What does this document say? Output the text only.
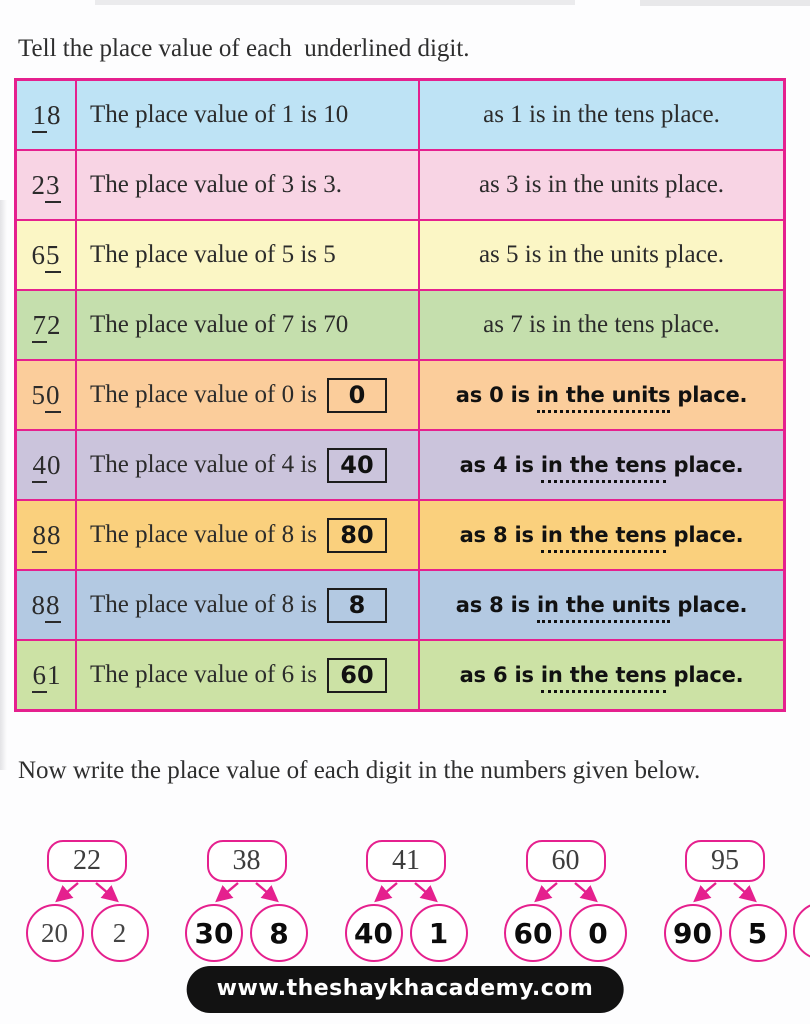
Tell the place value of each  underlined digit.
18 The place value of 1 is 10	as 1 is in the tens place.
23 The place value of 3 is 3.	as 3 is in the units place.
65 The place value of 5 is 5	as 5 is in the units place.
72 The place value of 7 is 70	as 7 is in the tens place.
50 The place value of 0 is	0	as 0 is in the units place.
40 The place value of 4 is 40	as 4 is in the tens place.
88 The place value of 8 is 80	as 8 is in the tens place.
88 The place value of 8 is	8	as 8 is in the units place.
61 The place value of 6 is 60	as 6 is in the tens place.
Now write the place value of each digit in the numbers given below.
22
20 2
38
30 8
41
40 1
60
60 0
95
90 5
www.theshaykhacademy.com
